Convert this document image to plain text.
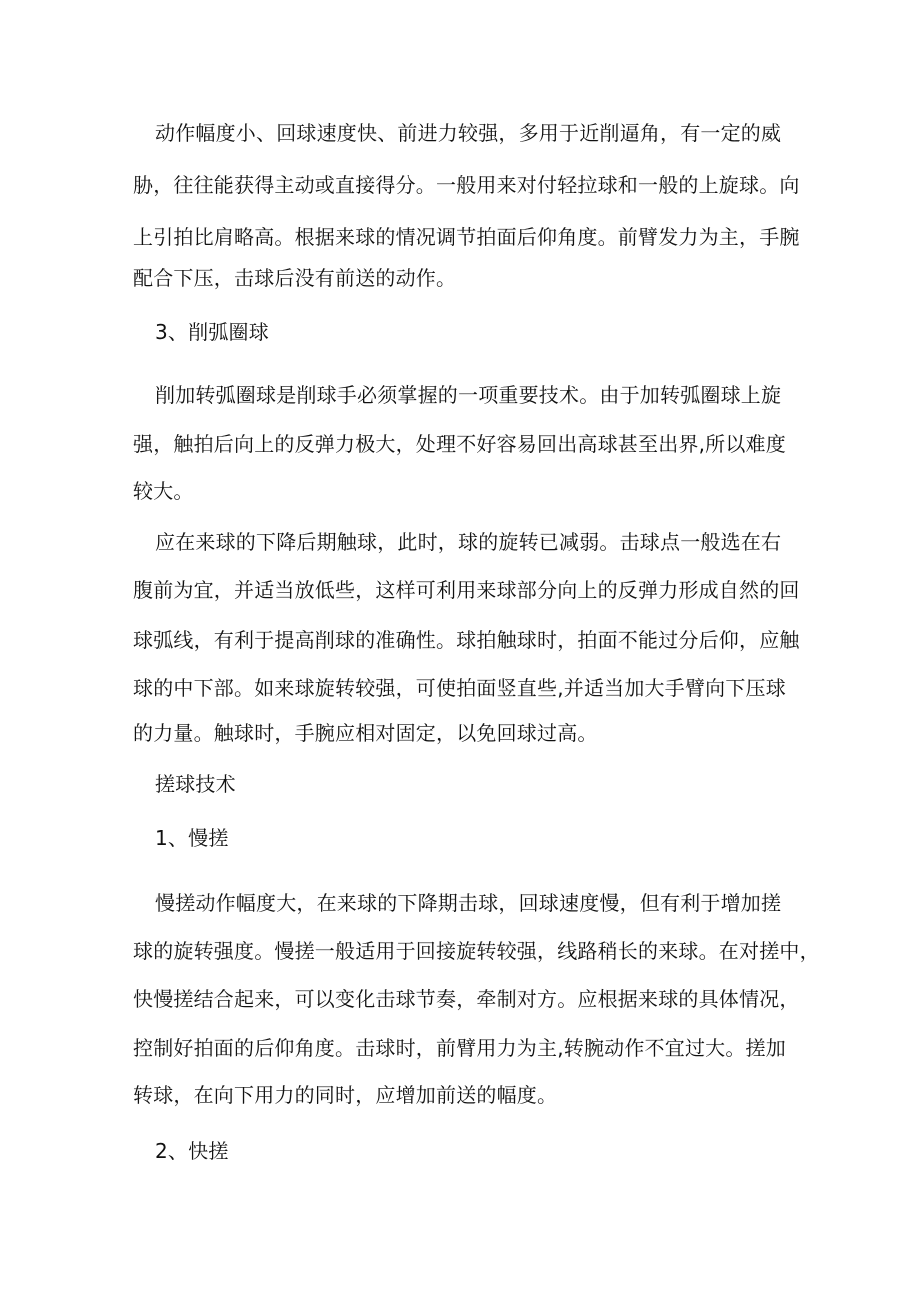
动作幅度小、回球速度快、前进力较强，多用于近削逼角，有一定的威
胁，往往能获得主动或直接得分。一般用来对付轻拉球和一般的上旋球。向
上引拍比肩略高。根据来球的情况调节拍面后仰角度。前臂发力为主，手腕
配合下压，击球后没有前送的动作。
3、削弧圈球
削加转弧圈球是削球手必须掌握的一项重要技术。由于加转弧圈球上旋
强，触拍后向上的反弹力极大，处理不好容易回出高球甚至出界,所以难度
较大。
应在来球的下降后期触球，此时，球的旋转已减弱。击球点一般选在右
腹前为宜，并适当放低些，这样可利用来球部分向上的反弹力形成自然的回
球弧线，有利于提高削球的准确性。球拍触球时，拍面不能过分后仰，应触
球的中下部。如来球旋转较强，可使拍面竖直些,并适当加大手臂向下压球
的力量。触球时，手腕应相对固定，以免回球过高。
搓球技术
1、慢搓
慢搓动作幅度大，在来球的下降期击球，回球速度慢，但有利于增加搓
球的旋转强度。慢搓一般适用于回接旋转较强，线路稍长的来球。在对搓中，
快慢搓结合起来，可以变化击球节奏，牵制对方。应根据来球的具体情况，
控制好拍面的后仰角度。击球时，前臂用力为主,转腕动作不宜过大。搓加
转球，在向下用力的同时，应增加前送的幅度。
2、快搓
